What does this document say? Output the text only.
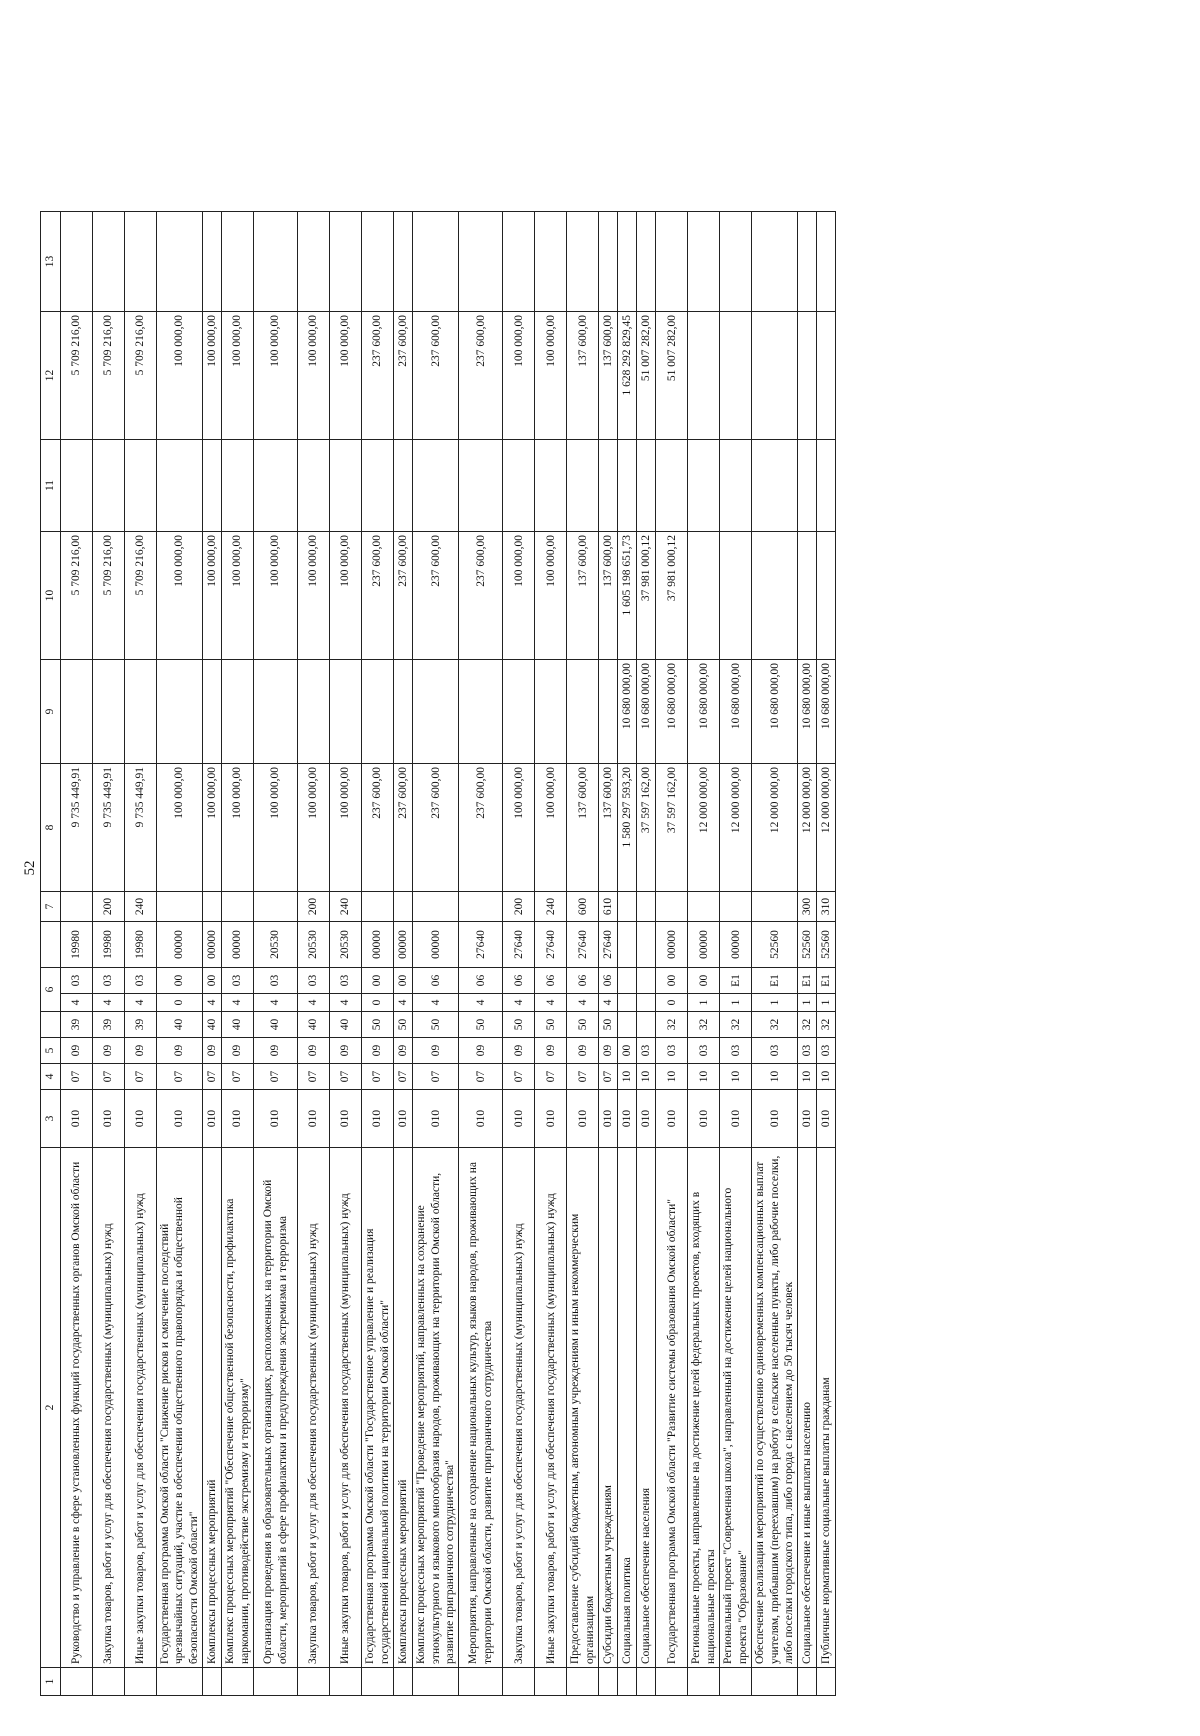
52
1	2	3	4	5		6			7	8	9	10	11	12	13
	Руководство и управление в сфере установленных функций государственных органов Омской области	010	07	09	39	4	03	19980		9 735 449,91		5 709 216,00		5 709 216,00	
	Закупка товаров, работ и услуг для обеспечения государственных (муниципальных) нужд	010	07	09	39	4	03	19980	200	9 735 449,91		5 709 216,00		5 709 216,00	
	Иные закупки товаров, работ и услуг для обеспечения государственных (муниципальных) нужд	010	07	09	39	4	03	19980	240	9 735 449,91		5 709 216,00		5 709 216,00	
	Государственная программа Омской области "Снижение рисков и смягчение последствий чрезвычайных ситуаций, участие в обеспечении общественного правопорядка и общественной безопасности Омской области"	010	07	09	40	0	00	00000		100 000,00		100 000,00		100 000,00	
	Комплексы процессных мероприятий	010	07	09	40	4	00	00000		100 000,00		100 000,00		100 000,00	
	Комплекс процессных мероприятий "Обеспечение общественной безопасности, профилактика наркомании, противодействие экстремизму и терроризму"	010	07	09	40	4	03	00000		100 000,00		100 000,00		100 000,00	
	Организация проведения в образовательных организациях, расположенных на территории Омской области, мероприятий в сфере профилактики и предупреждения экстремизма и терроризма	010	07	09	40	4	03	20530		100 000,00		100 000,00		100 000,00	
	Закупка товаров, работ и услуг для обеспечения государственных (муниципальных) нужд	010	07	09	40	4	03	20530	200	100 000,00		100 000,00		100 000,00	
	Иные закупки товаров, работ и услуг для обеспечения государственных (муниципальных) нужд	010	07	09	40	4	03	20530	240	100 000,00		100 000,00		100 000,00	
	Государственная программа Омской области "Государственное управление и реализация государственной национальной политики на территории Омской области"	010	07	09	50	0	00	00000		237 600,00		237 600,00		237 600,00	
	Комплексы процессных мероприятий	010	07	09	50	4	00	00000		237 600,00		237 600,00		237 600,00	
	Комплекс процессных мероприятий "Проведение мероприятий, направленных на сохранение этнокультурного и языкового многообразия народов, проживающих на территории Омской области, развитие приграничного сотрудничества"	010	07	09	50	4	06	00000		237 600,00		237 600,00		237 600,00	
	Мероприятия, направленные на сохранение национальных культур, языков народов, проживающих на территории Омской области, развитие приграничного сотрудничества	010	07	09	50	4	06	27640		237 600,00		237 600,00		237 600,00	
	Закупка товаров, работ и услуг для обеспечения государственных (муниципальных) нужд	010	07	09	50	4	06	27640	200	100 000,00		100 000,00		100 000,00	
	Иные закупки товаров, работ и услуг для обеспечения государственных (муниципальных) нужд	010	07	09	50	4	06	27640	240	100 000,00		100 000,00		100 000,00	
	Предоставление субсидий бюджетным, автономным учреждениям и иным некоммерческим организациям	010	07	09	50	4	06	27640	600	137 600,00		137 600,00		137 600,00	
	Субсидии бюджетным учреждениям	010	07	09	50	4	06	27640	610	137 600,00		137 600,00		137 600,00	
	Социальная политика	010	10	00						1 580 297 593,20	10 680 000,00	1 605 198 651,73		1 628 292 829,45	
	Социальное обеспечение населения	010	10	03						37 597 162,00	10 680 000,00	37 981 000,12		51 007 282,00	
	Государственная программа Омской области "Развитие системы образования Омской области"	010	10	03	32	0	00	00000		37 597 162,00	10 680 000,00	37 981 000,12		51 007 282,00	
	Региональные проекты, направленные на достижение целей федеральных проектов, входящих в национальные проекты	010	10	03	32	1	00	00000		12 000 000,00	10 680 000,00				
	Региональный проект "Современная школа", направленный на достижение целей национального проекта "Образование"	010	10	03	32	1	Е1	00000		12 000 000,00	10 680 000,00				
	Обеспечение реализации мероприятий по осуществлению единовременных компенсационных выплат учителям, прибывшим (переехавшим) на работу в сельские населенные пункты, либо рабочие поселки, либо поселки городского типа, либо города с населением до 50 тысяч человек	010	10	03	32	1	Е1	52560		12 000 000,00	10 680 000,00				
	Социальное обеспечение и иные выплаты населению	010	10	03	32	1	Е1	52560	300	12 000 000,00	10 680 000,00				
	Публичные нормативные социальные выплаты гражданам	010	10	03	32	1	Е1	52560	310	12 000 000,00	10 680 000,00				
